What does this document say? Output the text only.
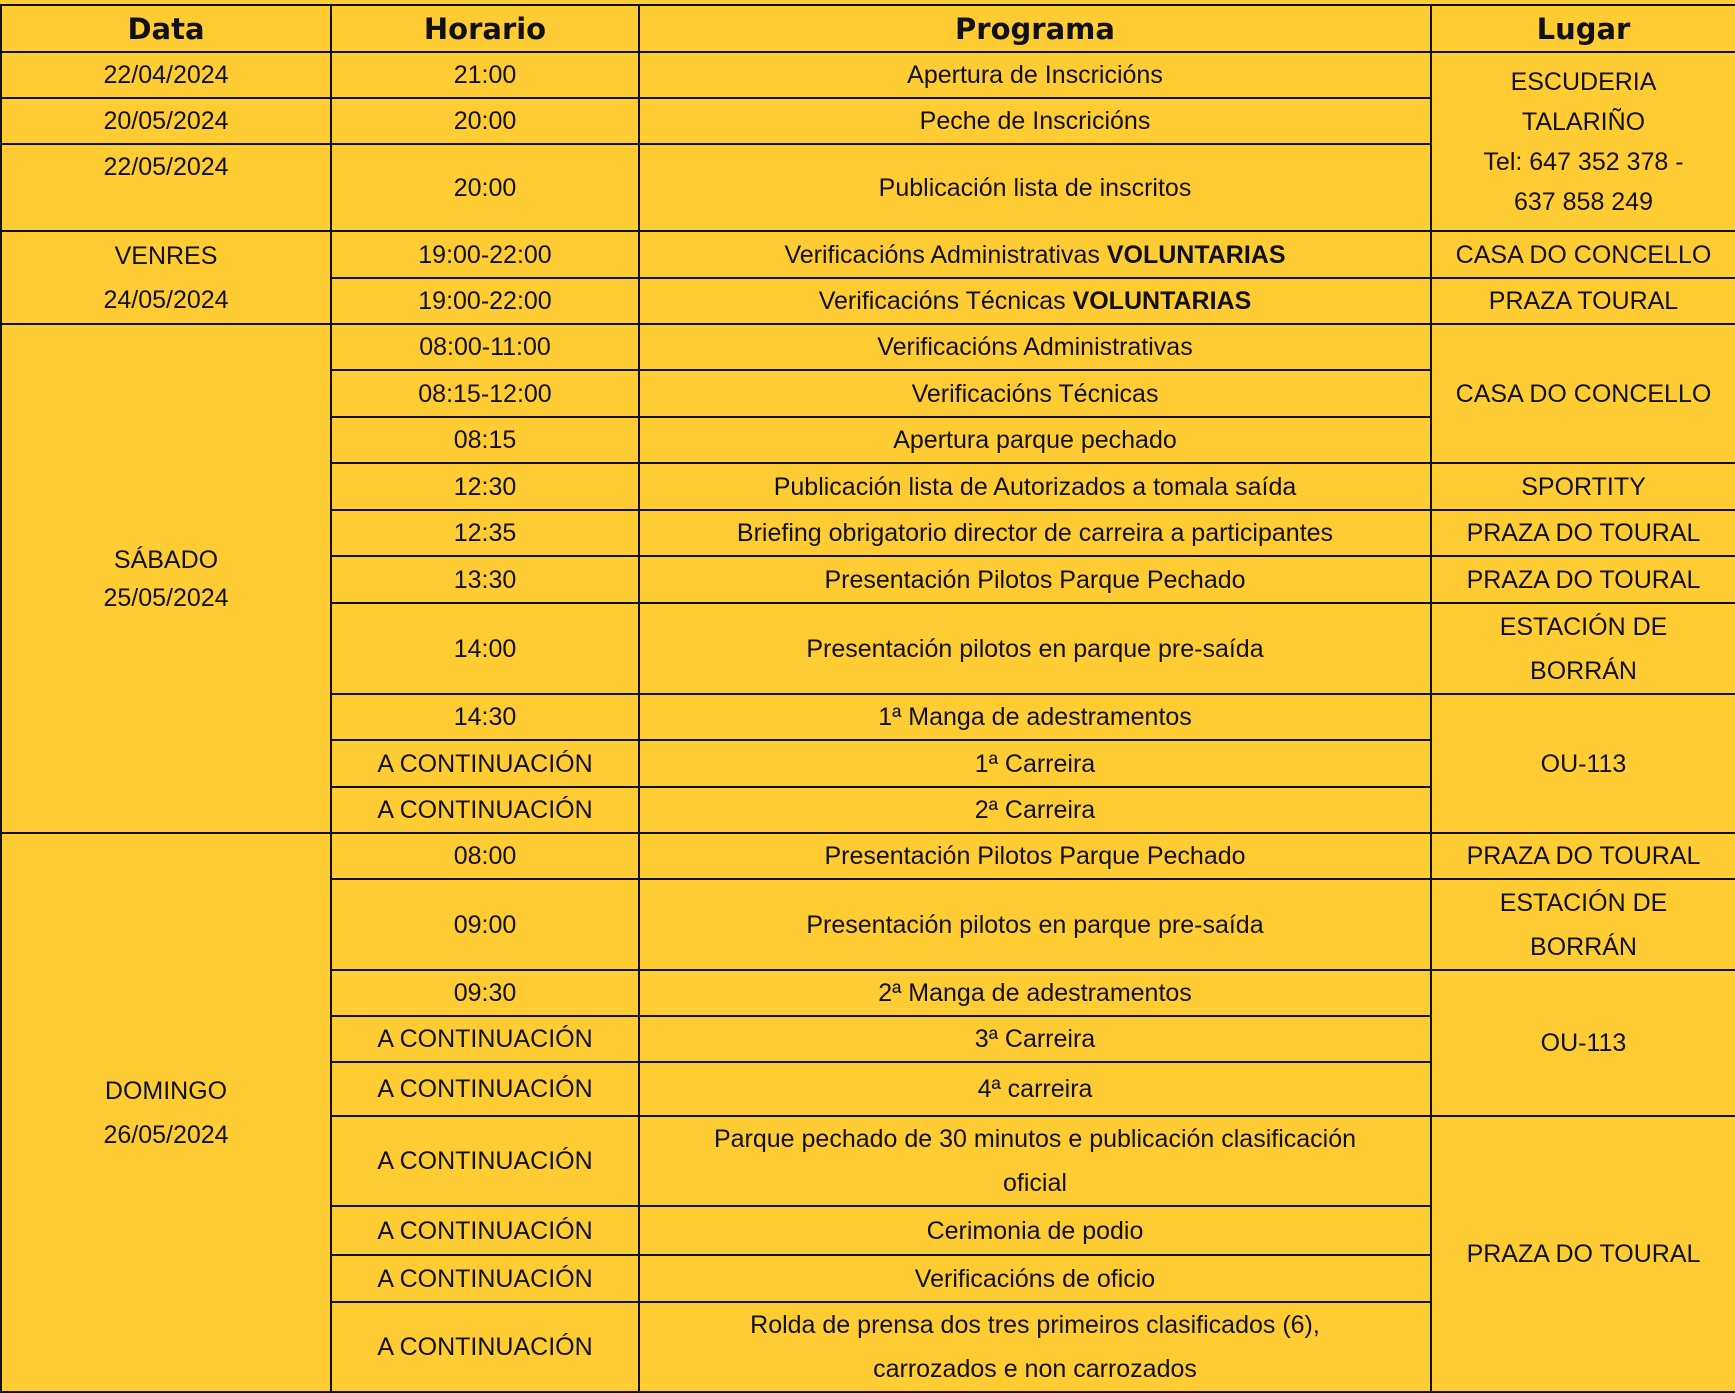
Data	Horario	Programa	Lugar
22/04/2024	21:00	Apertura de Inscricións	ESCUDERIA
TALARIÑO
Tel: 647 352 378 -
637 858 249

20/05/2024	20:00	Peche de Inscricións	
22/05/2024	20:00	Publicación lista de inscritos	

VENRES
24/05/2024	19:00-22:00	Verificacións Administrativas VOLUNTARIAS	CASA DO CONCELLO
	19:00-22:00	Verificacións Técnicas VOLUNTARIAS	PRAZA TOURAL

SÁBADO
25/05/2024	08:00-11:00	Verificacións Administrativas	CASA DO CONCELLO
	08:15-12:00	Verificacións Técnicas	
	08:15	Apertura parque pechado	
	12:30	Publicación lista de Autorizados a tomala saída	SPORTITY
	12:35	Briefing obrigatorio director de carreira a participantes	PRAZA DO TOURAL
	13:30	Presentación Pilotos Parque Pechado	PRAZA DO TOURAL
	14:00	Presentación pilotos en parque pre-saída	ESTACIÓN DE
BORRÁN

	14:30	1ª Manga de adestramentos	OU-113
	A CONTINUACIÓN	1ª Carreira	
	A CONTINUACIÓN	2ª Carreira	

DOMINGO
26/05/2024	08:00	Presentación Pilotos Parque Pechado	PRAZA DO TOURAL
	09:00	Presentación pilotos en parque pre-saída	ESTACIÓN DE
BORRÁN

	09:30	2ª Manga de adestramentos	OU-113
	A CONTINUACIÓN	3ª Carreira	
	A CONTINUACIÓN	4ª carreira	
	A CONTINUACIÓN	Parque pechado de 30 minutos e publicación clasificación
oficial	PRAZA DO TOURAL
	A CONTINUACIÓN	Cerimonia de podio	
	A CONTINUACIÓN	Verificacións de oficio	
	A CONTINUACIÓN	Rolda de prensa dos tres primeiros clasificados (6),
carrozados e non carrozados	
